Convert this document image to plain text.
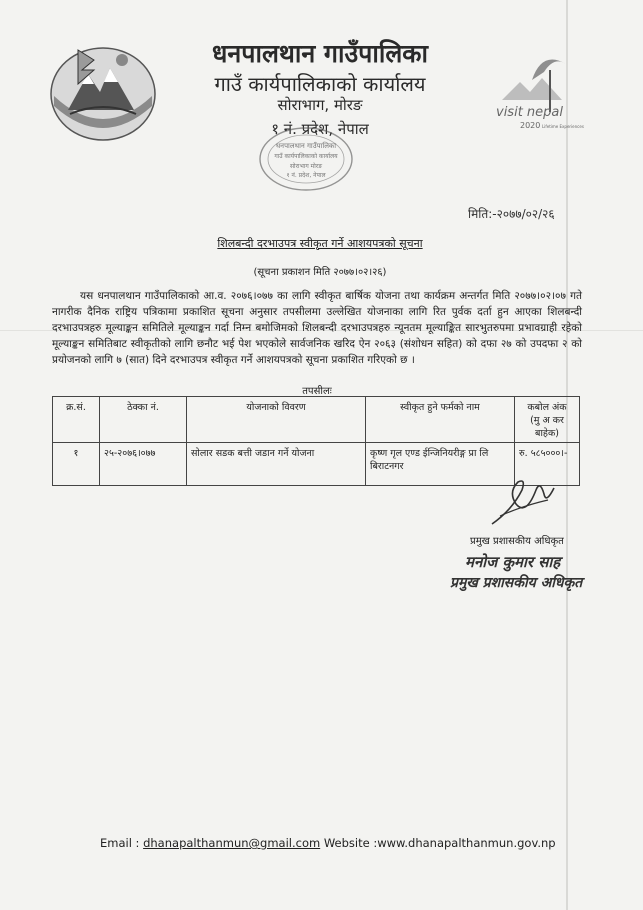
धनपालथान गाउँपालिका
गाउँ कार्यपालिकाको कार्यालय
सोराभाग, मोरङ
१ नं. प्रदेश, नेपाल
धनपालथान गाउँपालिका
गाउँ कार्यपालिकाको कार्यालय
सोराभाग मोरङ
१ नं. प्रदेश, नेपाल
visit nepal
2020 Lifetime Experiences
मिति:-२०७७/०२/२६
शिलबन्दी दरभाउपत्र स्वीकृत गर्ने आशयपत्रको सूचना
(सूचना प्रकाशन मिति २०७७।०२।२६)
यस धनपालथान गाउँपालिकाको आ.व. २०७६।०७७ का लागि स्वीकृत बार्षिक योजना तथा कार्यक्रम अन्तर्गत मिति २०७७।०२।०७ गते नागरीक दैनिक राष्ट्रिय पत्रिकामा प्रकाशित सूचना अनुसार तपसीलमा उल्लेखित योजनाका लागि रित पुर्वक दर्ता हुन आएका शिलबन्दी दरभाउपत्रहरु मूल्याङ्कन समितिले मूल्याङ्कन गर्दा निम्न बमोजिमको शिलबन्दी दरभाउपत्रहरु न्यूनतम मूल्याङ्कित सारभुतरुपमा प्रभावग्राही रहेको मूल्याङ्कन समितिबाट स्वीकृतीको लागि छनौट भई पेश भएकोले सार्वजनिक खरिद ऐन २०६३ (संशोधन सहित) को दफा २७ को उपदफा २ को प्रयोजनको लागि ७ (सात) दिने दरभाउपत्र स्वीकृत गर्ने आशयपत्रको सूचना प्रकाशित गरिएको छ ।
तपसीलः
क्र.सं.	ठेक्का नं.	योजनाको विवरण	स्वीकृत हुने फर्मको नाम	कबोल अंक
(मु अ कर बाहेक)

१	२५-२०७६।०७७	सोलार सडक बत्ती जडान गर्ने योजना	कृष्ण गृल एण्ड ईन्जिनियरीङ्ग प्रा लि बिराटनगर	रु. ५८५०००।-
प्रमुख प्रशासकीय अधिकृत
मनोज कुमार साह
प्रमुख प्रशासकीय अधिकृत
Email : dhanapalthanmun@gmail.com Website :www.dhanapalthanmun.gov.np
